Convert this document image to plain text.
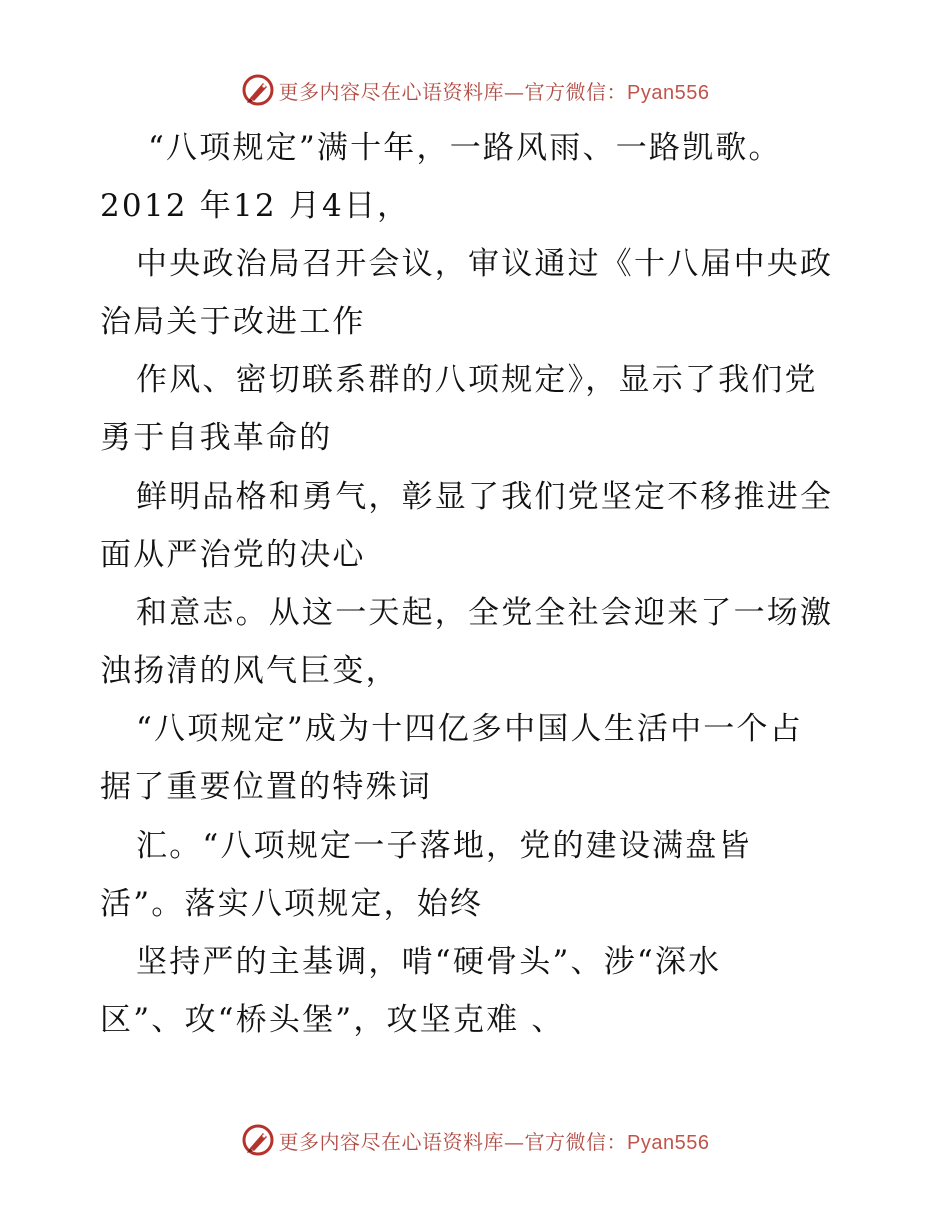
更多内容尽在心语资料库—官方微信：Pyan556
“八项规定”满十年，一路风雨、一路凯歌。
2012 年12 月4日，
中央政治局召开会议，审议通过《十八届中央政
治局关于改进工作
作风、密切联系群的八项规定》，显示了我们党
勇于自我革命的
鲜明品格和勇气，彰显了我们党坚定不移推进全
面从严治党的决心
和意志。从这一天起，全党全社会迎来了一场激
浊扬清的风气巨变，
“八项规定”成为十四亿多中国人生活中一个占
据了重要位置的特殊词
汇。“八项规定一子落地，党的建设满盘皆
活”。落实八项规定，始终
坚持严的主基调，啃“硬骨头”、涉“深水
区”、攻“桥头堡”，攻坚克难 、
更多内容尽在心语资料库—官方微信：Pyan556
